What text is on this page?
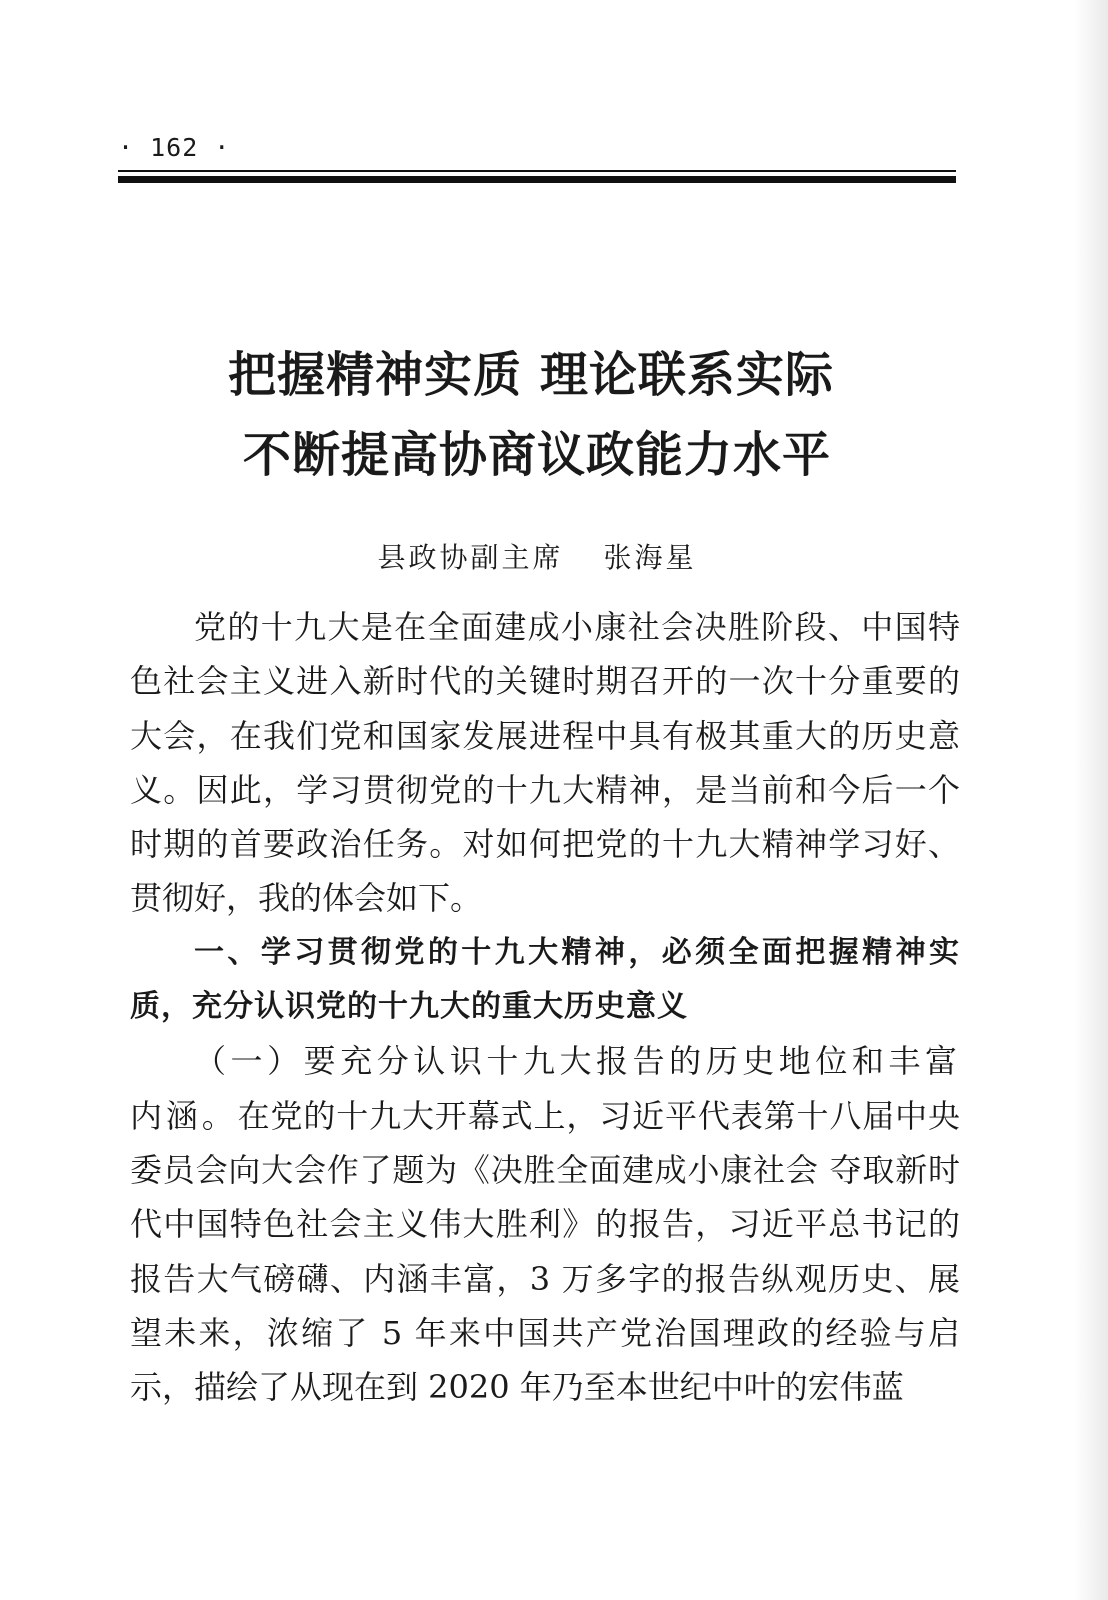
· 162 ·
把握精神实质 理论联系实际
不断提高协商议政能力水平
县政协副主席 张海星

党的十九大是在全面建成小康社会决胜阶段、中国特色社会主义进入新时代的关键时期召开的一次十分重要的大会，在我们党和国家发展进程中具有极其重大的历史意义。因此，学习贯彻党的十九大精神，是当前和今后一个时期的首要政治任务。对如何把党的十九大精神学习好、贯彻好，我的体会如下。

一、学习贯彻党的十九大精神，必须全面把握精神实质，充分认识党的十九大的重大历史意义

（一）要充分认识十九大报告的历史地位和丰富内涵。在党的十九大开幕式上，习近平代表第十八届中央委员会向大会作了题为《决胜全面建成小康社会 夺取新时代中国特色社会主义伟大胜利》的报告，习近平总书记的报告大气磅礴、内涵丰富，3 万多字的报告纵观历史、展望未来，浓缩了 5 年来中国共产党治国理政的经验与启示，描绘了从现在到 2020 年乃至本世纪中叶的宏伟蓝
